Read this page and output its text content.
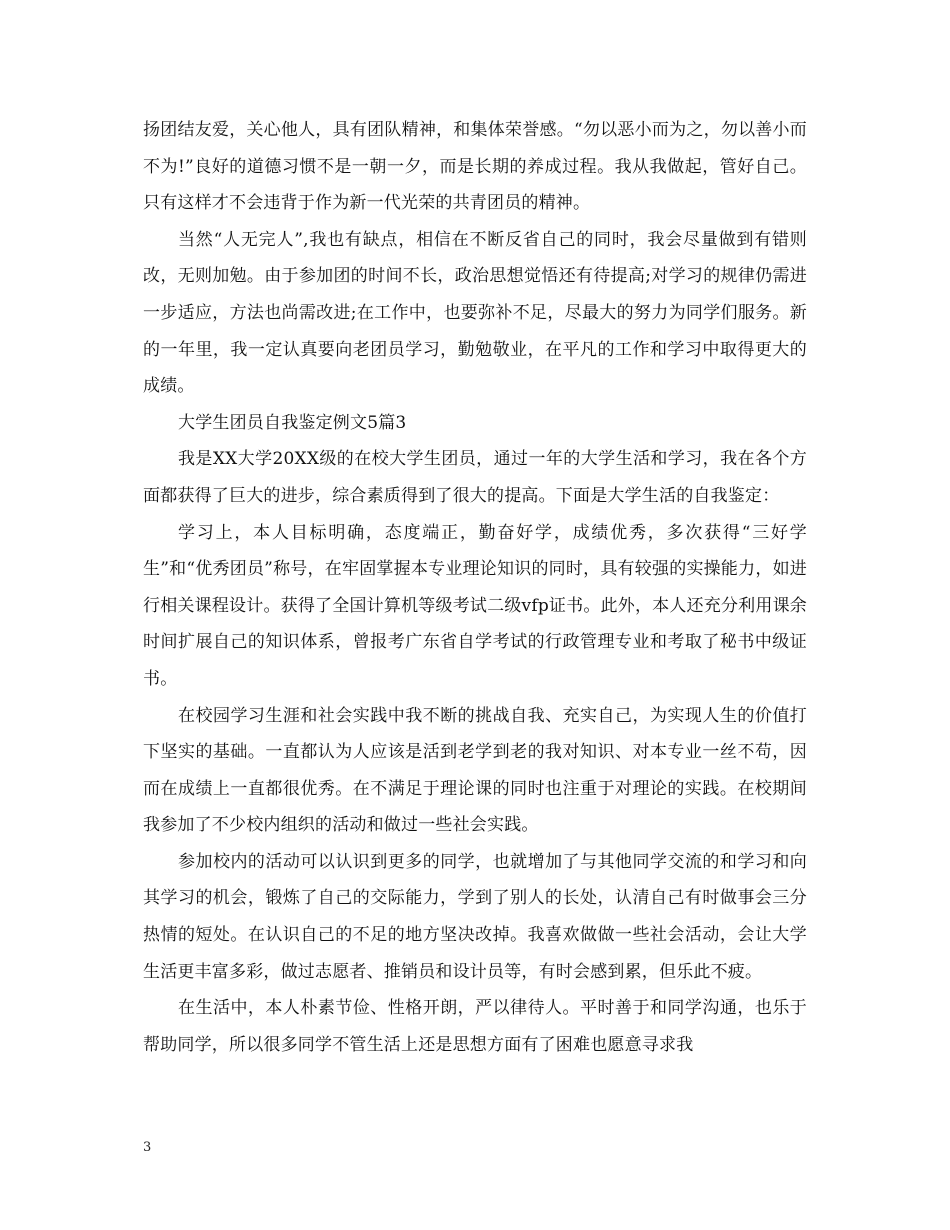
扬团结友爱，关心他人，具有团队精神，和集体荣誉感。“勿以恶小而为之，勿以善小而不为!”良好的道德习惯不是一朝一夕，而是长期的养成过程。我从我做起，管好自己。只有这样才不会违背于作为新一代光荣的共青团员的精神。

当然“人无完人”,我也有缺点，相信在不断反省自己的同时，我会尽量做到有错则改，无则加勉。由于参加团的时间不长，政治思想觉悟还有待提高;对学习的规律仍需进一步适应，方法也尚需改进;在工作中，也要弥补不足，尽最大的努力为同学们服务。新的一年里，我一定认真要向老团员学习，勤勉敬业，在平凡的工作和学习中取得更大的成绩。

大学生团员自我鉴定例文5篇3

我是XX大学20XX级的在校大学生团员，通过一年的大学生活和学习，我在各个方面都获得了巨大的进步，综合素质得到了很大的提高。下面是大学生活的自我鉴定：

学习上，本人目标明确，态度端正，勤奋好学，成绩优秀，多次获得“三好学生”和“优秀团员”称号，在牢固掌握本专业理论知识的同时，具有较强的实操能力，如进行相关课程设计。获得了全国计算机等级考试二级vfp证书。此外，本人还充分利用课余时间扩展自己的知识体系，曾报考广东省自学考试的行政管理专业和考取了秘书中级证书。

在校园学习生涯和社会实践中我不断的挑战自我、充实自己，为实现人生的价值打下坚实的基础。一直都认为人应该是活到老学到老的我对知识、对本专业一丝不苟，因而在成绩上一直都很优秀。在不满足于理论课的同时也注重于对理论的实践。在校期间我参加了不少校内组织的活动和做过一些社会实践。

参加校内的活动可以认识到更多的同学，也就增加了与其他同学交流的和学习和向其学习的机会，锻炼了自己的交际能力，学到了别人的长处，认清自己有时做事会三分热情的短处。在认识自己的不足的地方坚决改掉。我喜欢做做一些社会活动，会让大学生活更丰富多彩，做过志愿者、推销员和设计员等，有时会感到累，但乐此不疲。

在生活中，本人朴素节俭、性格开朗，严以律待人。平时善于和同学沟通，也乐于帮助同学，所以很多同学不管生活上还是思想方面有了困难也愿意寻求我

3
